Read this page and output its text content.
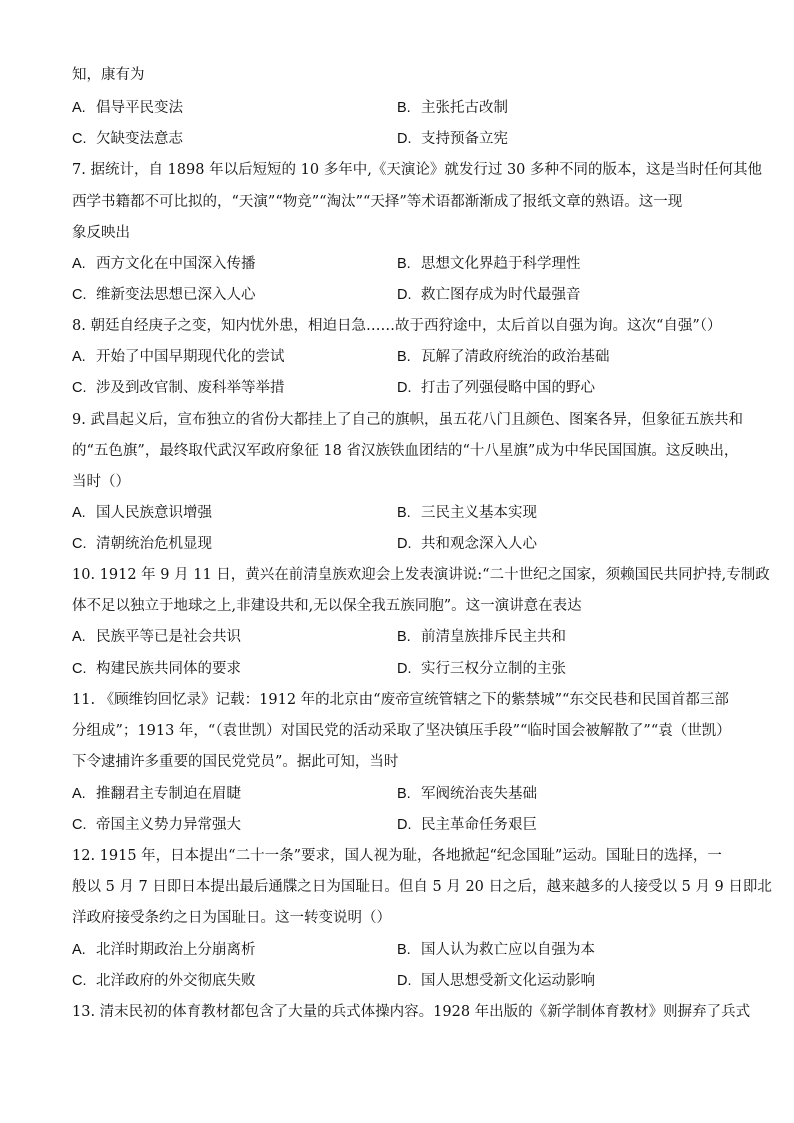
知，康有为
A. 倡导平民变法	B. 主张托古改制
C. 欠缺变法意志	D. 支持预备立宪
7. 据统计，自 1898 年以后短短的 10 多年中,《天演论》就发行过 30 多种不同的版本，这是当时任何其他
西学书籍都不可比拟的，“天演”“物竞”“淘汰”“天择”等术语都渐渐成了报纸文章的熟语。这一现
象反映出
A. 西方文化在中国深入传播	B. 思想文化界趋于科学理性
C. 维新变法思想已深入人心	D. 救亡图存成为时代最强音
8. 朝廷自经庚子之变，知内忧外患，相迫日急……故于西狩途中，太后首以自强为询。这次“自强”（）
A. 开始了中国早期现代化的尝试	B. 瓦解了清政府统治的政治基础
C. 涉及到改官制、废科举等举措	D. 打击了列强侵略中国的野心
9. 武昌起义后，宣布独立的省份大都挂上了自己的旗帜，虽五花八门且颜色、图案各异，但象征五族共和
的“五色旗”，最终取代武汉军政府象征 18 省汉族铁血团结的“十八星旗”成为中华民国国旗。这反映出，
当时（）
A. 国人民族意识增强	B. 三民主义基本实现
C. 清朝统治危机显现	D. 共和观念深入人心
10. 1912 年 9 月 11 日，黄兴在前清皇族欢迎会上发表演讲说:“二十世纪之国家，须赖国民共同护持,专制政
体不足以独立于地球之上,非建设共和,无以保全我五族同胞”。这一演讲意在表达
A. 民族平等已是社会共识	B. 前清皇族排斥民主共和
C. 构建民族共同体的要求	D. 实行三权分立制的主张
11. 《顾维钧回忆录》记载：1912 年的北京由“废帝宣统管辖之下的紫禁城”“东交民巷和民国首都三部
分组成”；1913 年，“（袁世凯）对国民党的活动采取了坚决镇压手段”“临时国会被解散了”“袁（世凯）
下令逮捕许多重要的国民党党员”。据此可知，当时
A. 推翻君主专制迫在眉睫	B. 军阀统治丧失基础
C. 帝国主义势力异常强大	D. 民主革命任务艰巨
12. 1915 年，日本提出“二十一条”要求，国人视为耻，各地掀起“纪念国耻”运动。国耻日的选择，一
般以 5 月 7 日即日本提出最后通牒之日为国耻日。但自 5 月 20 日之后，越来越多的人接受以 5 月 9 日即北
洋政府接受条约之日为国耻日。这一转变说明（）
A. 北洋时期政治上分崩离析	B. 国人认为救亡应以自强为本
C. 北洋政府的外交彻底失败	D. 国人思想受新文化运动影响
13. 清末民初的体育教材都包含了大量的兵式体操内容。1928 年出版的《新学制体育教材》则摒弃了兵式
